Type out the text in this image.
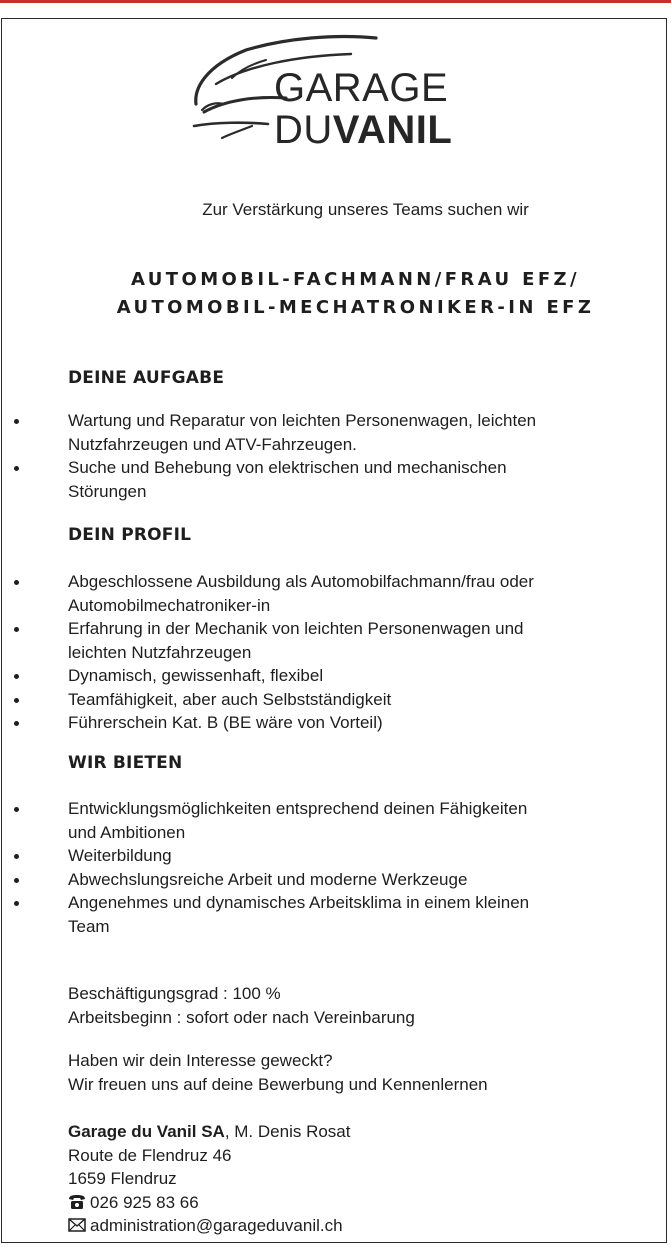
GARAGE
DUVANIL
Zur Verstärkung unseres Teams suchen wir
AUTOMOBIL-FACHMANN/FRAU EFZ/
AUTOMOBIL-MECHATRONIKER-IN EFZ
DEINE AUFGABE
Wartung und Reparatur von leichten Personenwagen, leichten
Nutzfahrzeugen und ATV-Fahrzeugen.
Suche und Behebung von elektrischen und mechanischen
Störungen
DEIN PROFIL
Abgeschlossene Ausbildung als Automobilfachmann/frau oder
Automobilmechatroniker-in
Erfahrung in der Mechanik von leichten Personenwagen und
leichten Nutzfahrzeugen
Dynamisch, gewissenhaft, flexibel
Teamfähigkeit, aber auch Selbstständigkeit
Führerschein Kat. B (BE wäre von Vorteil)
WIR BIETEN
Entwicklungsmöglichkeiten entsprechend deinen Fähigkeiten
und Ambitionen
Weiterbildung
Abwechslungsreiche Arbeit und moderne Werkzeuge
Angenehmes und dynamisches Arbeitsklima in einem kleinen
Team
Beschäftigungsgrad : 100 %
Arbeitsbeginn : sofort oder nach Vereinbarung
Haben wir dein Interesse geweckt?
Wir freuen uns auf deine Bewerbung und Kennenlernen
Garage du Vanil SA, M. Denis Rosat
Route de Flendruz 46
1659 Flendruz
026 925 83 66
administration@garageduvanil.ch
